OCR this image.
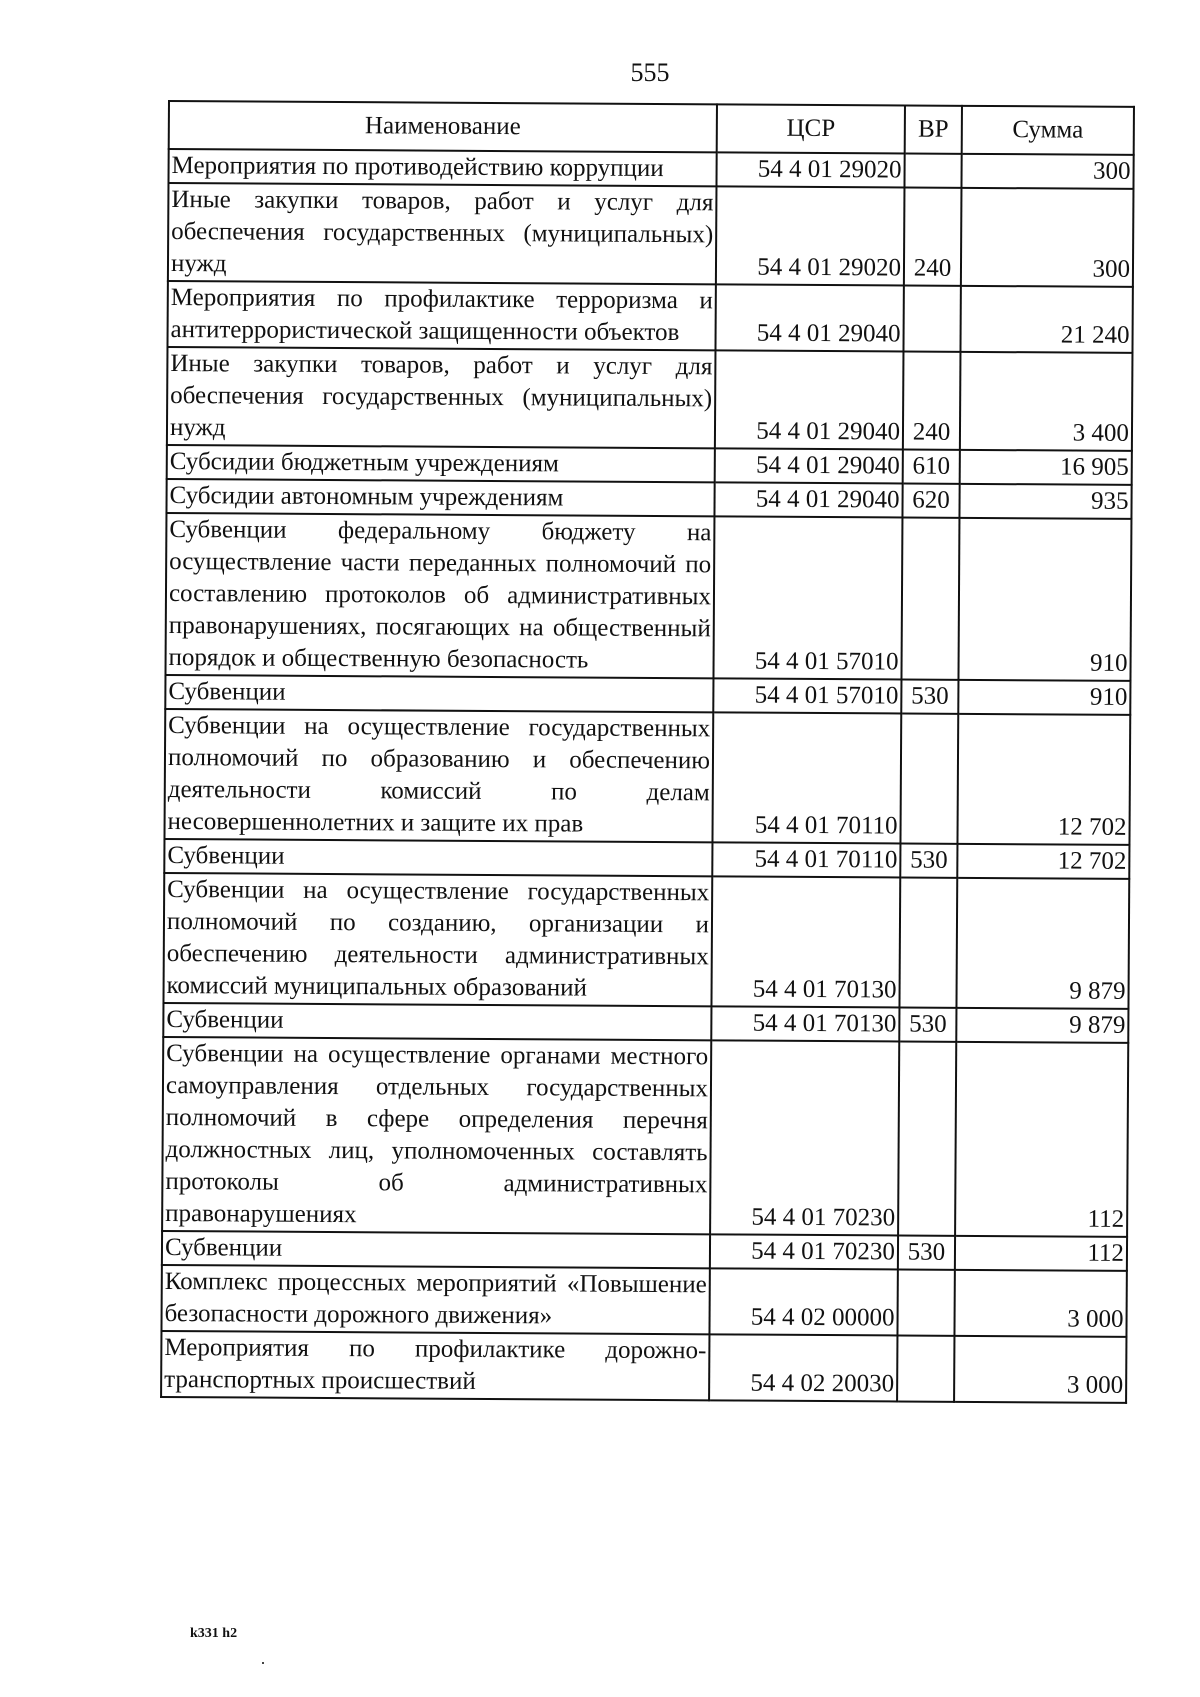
555
Наименование	ЦСР	ВР	Сумма
Мероприятия по противодействию коррупции	54 4 01 29020		300
Иные закупки товаров, работ и услуг для обеспечения государственных (муниципальных) нужд	54 4 01 29020	240	300
Мероприятия по профилактике терроризма и антитеррористической защищенности объектов	54 4 01 29040		21 240
Иные закупки товаров, работ и услуг для обеспечения государственных (муниципальных) нужд	54 4 01 29040	240	3 400
Субсидии бюджетным учреждениям	54 4 01 29040	610	16 905
Субсидии автономным учреждениям	54 4 01 29040	620	935
Субвенции федеральному бюджету на осуществление части переданных полномочий по составлению протоколов об административных правонарушениях, посягающих на общественный порядок и общественную безопасность	54 4 01 57010		910
Субвенции	54 4 01 57010	530	910
Субвенции на осуществление государственных полномочий по образованию и обеспечению деятельности комиссий по делам несовершеннолетних и защите их прав	54 4 01 70110		12 702
Субвенции	54 4 01 70110	530	12 702
Субвенции на осуществление государственных полномочий по созданию, организации и обеспечению деятельности административных комиссий муниципальных образований	54 4 01 70130		9 879
Субвенции	54 4 01 70130	530	9 879
Субвенции на осуществление органами местного самоуправления отдельных государственных полномочий в сфере определения перечня должностных лиц, уполномоченных составлять протоколы об административных правонарушениях	54 4 01 70230		112
Субвенции	54 4 01 70230	530	112
Комплекс процессных мероприятий «Повышение безопасности дорожного движения»	54 4 02 00000		3 000
Мероприятия по профилактике дорожно-транспортных происшествий	54 4 02 20030		3 000
k331 h2
